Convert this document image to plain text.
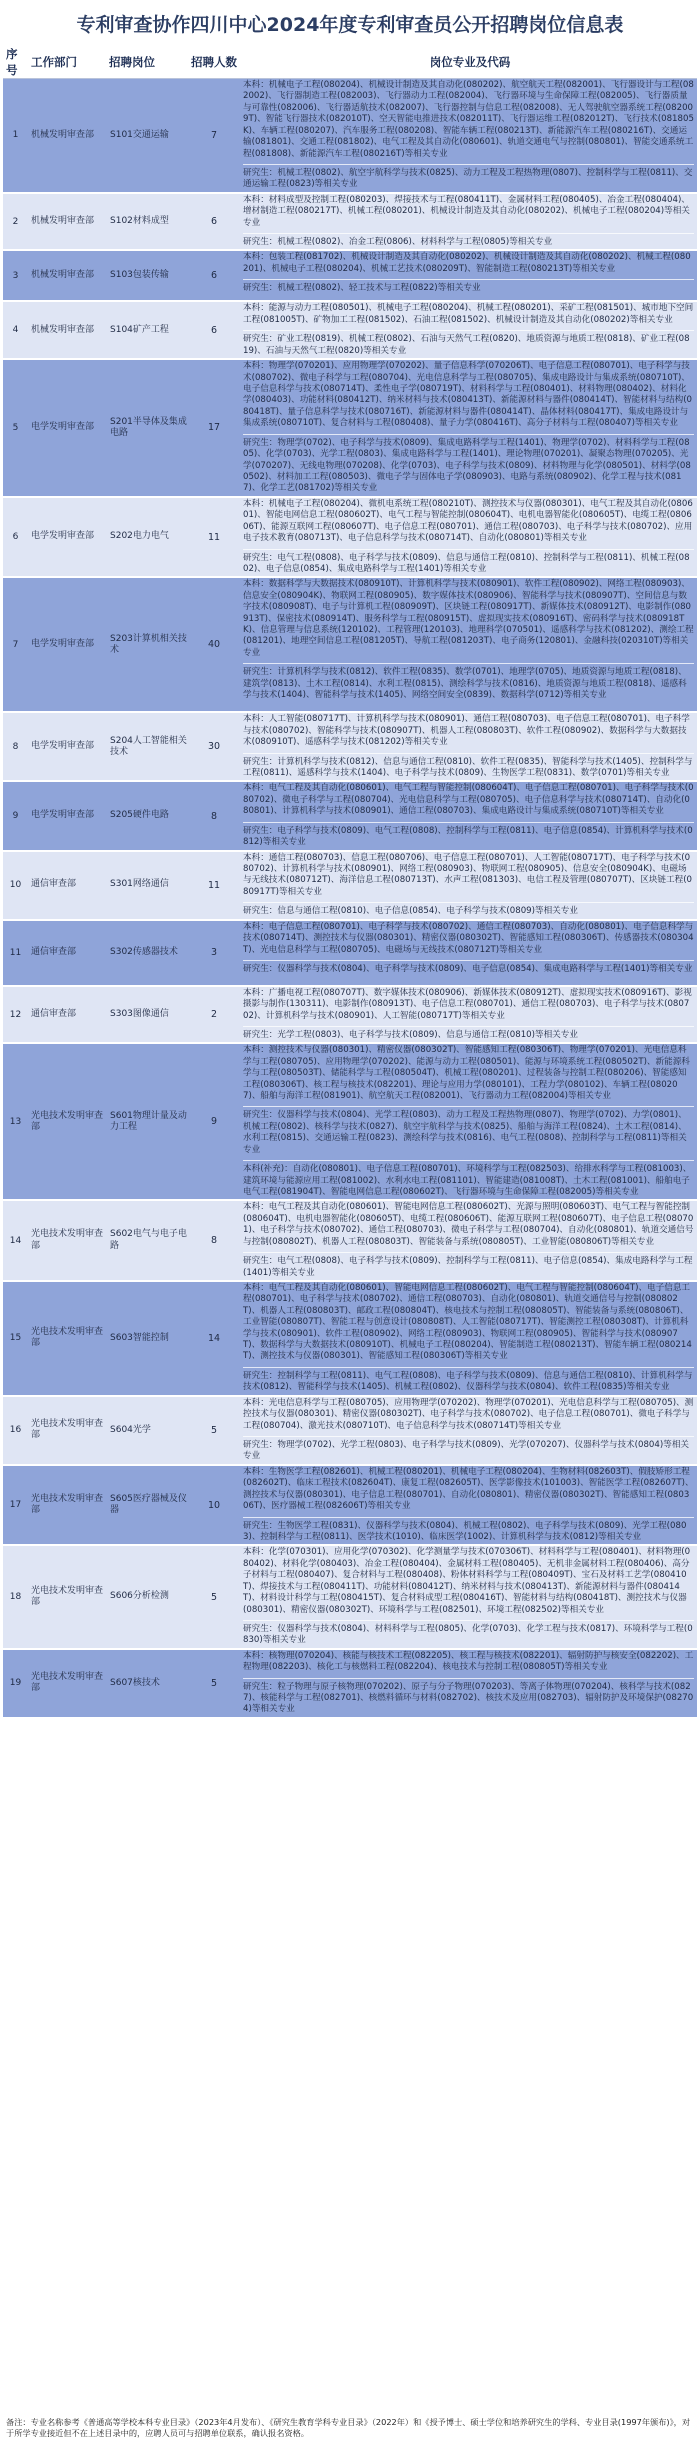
专利审查协作四川中心2024年度专利审查员公开招聘岗位信息表
序号	工作部门	招聘岗位	招聘人数	岗位专业及代码
1	机械发明审查部	S101交通运输	7	本科：机械电子工程(080204)、机械设计制造及其自动化(080202)、航空航天工程(082001)、飞行器设计与工程(082002)、飞行器制造工程(082003)、飞行器动力工程(082004)、飞行器环境与生命保障工程(082005)、飞行器质量与可靠性(082006)、飞行器适航技术(082007)、飞行器控制与信息工程(082008)、无人驾驶航空器系统工程(082009T)、智能飞行器技术(082010T)、空天智能电推进技术(082011T)、飞行器运维工程(082012T)、飞行技术(081805K)、车辆工程(080207)、汽车服务工程(080208)、智能车辆工程(080213T)、新能源汽车工程(080216T)、交通运输(081801)、交通工程(081802)、电气工程及其自动化(080601)、轨道交通电气与控制(080801)、智能交通系统工程(081808)、新能源汽车工程(080216T)等相关专业
研究生：机械工程(0802)、航空宇航科学与技术(0825)、动力工程及工程热物理(0807)、控制科学与工程(0811)、交通运输工程(0823)等相关专业

2	机械发明审查部	S102材料成型	6	本科：材料成型及控制工程(080203)、焊接技术与工程(080411T)、金属材料工程(080405)、冶金工程(080404)、增材制造工程(080217T)、机械工程(080201)、机械设计制造及其自动化(080202)、机械电子工程(080204)等相关专业
研究生：机械工程(0802)、冶金工程(0806)、材料科学与工程(0805)等相关专业

3	机械发明审查部	S103包装传输	6	本科：包装工程(081702)、机械设计制造及其自动化(080202)、机械设计制造及其自动化(080202)、机械工程(080201)、机械电子工程(080204)、机械工艺技术(080209T)、智能制造工程(080213T)等相关专业
研究生：机械工程(0802)、轻工技术与工程(0822)等相关专业

4	机械发明审查部	S104矿产工程	6	本科：能源与动力工程(080501)、机械电子工程(080204)、机械工程(080201)、采矿工程(081501)、城市地下空间工程(081005T)、矿物加工工程(081502)、石油工程(081502)、机械设计制造及其自动化(080202)等相关专业
研究生：矿业工程(0819)、机械工程(0802)、石油与天然气工程(0820)、地质资源与地质工程(0818)、矿业工程(0819)、石油与天然气工程(0820)等相关专业

5	电学发明审查部	S201半导体及集成电路	17	本科：物理学(070201)、应用物理学(070202)、量子信息科学(070206T)、电子信息工程(080701)、电子科学与技术(080702)、微电子科学与工程(080704)、光电信息科学与工程(080705)、集成电路设计与集成系统(080710T)、电子信息科学与技术(080714T)、柔性电子学(080719T)、材料科学与工程(080401)、材料物理(080402)、材料化学(080403)、功能材料(080412T)、纳米材料与技术(080413T)、新能源材料与器件(080414T)、智能材料与结构(080418T)、量子信息科学与技术(080716T)、新能源材料与器件(080414T)、晶体材料(080417T)、集成电路设计与集成系统(080710T)、复合材料与工程(080408)、量子力学(080416T)、高分子材料与工程(080407)等相关专业
研究生：物理学(0702)、电子科学与技术(0809)、集成电路科学与工程(1401)、物理学(0702)、材料科学与工程(0805)、化学(0703)、光学工程(0803)、集成电路科学与工程(1401)、理论物理(070201)、凝聚态物理(070205)、光学(070207)、无线电物理(070208)、化学(0703)、电子科学与技术(0809)、材料物理与化学(080501)、材料学(080502)、材料加工工程(080503)、微电子学与固体电子学(080903)、电路与系统(080902)、化学工程与技术(0817)、化学工艺(081702)等相关专业

6	电学发明审查部	S202电力电气	11	本科：机械电子工程(080204)、微机电系统工程(080210T)、测控技术与仪器(080301)、电气工程及其自动化(080601)、智能电网信息工程(080602T)、电气工程与智能控制(080604T)、电机电器智能化(080605T)、电缆工程(080606T)、能源互联网工程(080607T)、电子信息工程(080701)、通信工程(080703)、电子科学与技术(080702)、应用电子技术教育(080713T)、电子信息科学与技术(080714T)、自动化(080801)等相关专业
研究生：电气工程(0808)、电子科学与技术(0809)、信息与通信工程(0810)、控制科学与工程(0811)、机械工程(0802)、电子信息(0854)、集成电路科学与工程(1401)等相关专业

7	电学发明审查部	S203计算机相关技术	40	本科：数据科学与大数据技术(080910T)、计算机科学与技术(080901)、软件工程(080902)、网络工程(080903)、信息安全(080904K)、物联网工程(080905)、数字媒体技术(080906)、智能科学与技术(080907T)、空间信息与数字技术(080908T)、电子与计算机工程(080909T)、区块链工程(080917T)、新媒体技术(080912T)、电影制作(080913T)、保密技术(080914T)、服务科学与工程(080915T)、虚拟现实技术(080916T)、密码科学与技术(080918TK)、信息管理与信息系统(120102)、工程管理(120103)、地理科学(070501)、遥感科学与技术(081202)、测绘工程(081201)、地理空间信息工程(081205T)、导航工程(081203T)、电子商务(120801)、金融科技(020310T)等相关专业
研究生：计算机科学与技术(0812)、软件工程(0835)、数学(0701)、地理学(0705)、地质资源与地质工程(0818)、建筑学(0813)、土木工程(0814)、水利工程(0815)、测绘科学与技术(0816)、地质资源与地质工程(0818)、遥感科学与技术(1404)、智能科学与技术(1405)、网络空间安全(0839)、数据科学(0712)等相关专业

8	电学发明审查部	S204人工智能相关技术	30	本科：人工智能(080717T)、计算机科学与技术(080901)、通信工程(080703)、电子信息工程(080701)、电子科学与技术(080702)、智能科学与技术(080907T)、机器人工程(080803T)、软件工程(080902)、数据科学与大数据技术(080910T)、遥感科学与技术(081202)等相关专业
研究生：计算机科学与技术(0812)、信息与通信工程(0810)、软件工程(0835)、智能科学与技术(1405)、控制科学与工程(0811)、遥感科学与技术(1404)、电子科学与技术(0809)、生物医学工程(0831)、数学(0701)等相关专业

9	电学发明审查部	S205硬件电路	8	本科：电气工程及其自动化(080601)、电气工程与智能控制(080604T)、电子信息工程(080701)、电子科学与技术(080702)、微电子科学与工程(080704)、光电信息科学与工程(080705)、电子信息科学与技术(080714T)、自动化(080801)、计算机科学与技术(080901)、通信工程(080703)、集成电路设计与集成系统(080710T)等相关专业
研究生：电子科学与技术(0809)、电气工程(0808)、控制科学与工程(0811)、电子信息(0854)、计算机科学与技术(0812)等相关专业

10	通信审查部	S301网络通信	11	本科：通信工程(080703)、信息工程(080706)、电子信息工程(080701)、人工智能(080717T)、电子科学与技术(080702)、计算机科学与技术(080901)、网络工程(080903)、物联网工程(080905)、信息安全(080904K)、电磁场与无线技术(080712T)、海洋信息工程(080713T)、水声工程(081303)、电信工程及管理(080707T)、区块链工程(080917T)等相关专业
研究生：信息与通信工程(0810)、电子信息(0854)、电子科学与技术(0809)等相关专业

11	通信审查部	S302传感器技术	3	本科：电子信息工程(080701)、电子科学与技术(080702)、通信工程(080703)、自动化(080801)、电子信息科学与技术(080714T)、测控技术与仪器(080301)、精密仪器(080302T)、智能感知工程(080306T)、传感器技术(080304T)、光电信息科学与工程(080705)、电磁场与无线技术(080712T)等相关专业
研究生：仪器科学与技术(0804)、电子科学与技术(0809)、电子信息(0854)、集成电路科学与工程(1401)等相关专业

12	通信审查部	S303图像通信	2	本科：广播电视工程(080707T)、数字媒体技术(080906)、新媒体技术(080912T)、虚拟现实技术(080916T)、影视摄影与制作(130311)、电影制作(080913T)、电子信息工程(080701)、通信工程(080703)、电子科学与技术(080702)、计算机科学与技术(080901)、人工智能(080717T)等相关专业
研究生：光学工程(0803)、电子科学与技术(0809)、信息与通信工程(0810)等相关专业

13	光电技术发明审查部	S601物理计量及动力工程	9	本科：测控技术与仪器(080301)、精密仪器(080302T)、智能感知工程(080306T)、物理学(070201)、光电信息科学与工程(080705)、应用物理学(070202)、能源与动力工程(080501)、能源与环境系统工程(080502T)、新能源科学与工程(080503T)、储能科学与工程(080504T)、机械工程(080201)、过程装备与控制工程(080206)、智能感知工程(080306T)、核工程与核技术(082201)、理论与应用力学(080101)、工程力学(080102)、车辆工程(080207)、船舶与海洋工程(081901)、航空航天工程(082001)、飞行器动力工程(082004)等相关专业
研究生：仪器科学与技术(0804)、光学工程(0803)、动力工程及工程热物理(0807)、物理学(0702)、力学(0801)、机械工程(0802)、核科学与技术(0827)、航空宇航科学与技术(0825)、船舶与海洋工程(0824)、土木工程(0814)、水利工程(0815)、交通运输工程(0823)、测绘科学与技术(0816)、电气工程(0808)、控制科学与工程(0811)等相关专业
本科(补充)：自动化(080801)、电子信息工程(080701)、环境科学与工程(082503)、给排水科学与工程(081003)、建筑环境与能源应用工程(081002)、水利水电工程(081101)、智能建造(081008T)、土木工程(081001)、船舶电子电气工程(081904T)、智能电网信息工程(080602T)、飞行器环境与生命保障工程(082005)等相关专业

14	光电技术发明审查部	S602电气与电子电路	8	本科：电气工程及其自动化(080601)、智能电网信息工程(080602T)、光源与照明(080603T)、电气工程与智能控制(080604T)、电机电器智能化(080605T)、电缆工程(080606T)、能源互联网工程(080607T)、电子信息工程(080701)、电子科学与技术(080702)、通信工程(080703)、微电子科学与工程(080704)、自动化(080801)、轨道交通信号与控制(080802T)、机器人工程(080803T)、智能装备与系统(080805T)、工业智能(080806T)等相关专业
研究生：电气工程(0808)、电子科学与技术(0809)、控制科学与工程(0811)、电子信息(0854)、集成电路科学与工程(1401)等相关专业

15	光电技术发明审查部	S603智能控制	14	本科：电气工程及其自动化(080601)、智能电网信息工程(080602T)、电气工程与智能控制(080604T)、电子信息工程(080701)、电子科学与技术(080702)、通信工程(080703)、自动化(080801)、轨道交通信号与控制(080802T)、机器人工程(080803T)、邮政工程(080804T)、核电技术与控制工程(080805T)、智能装备与系统(080806T)、工业智能(080807T)、智能工程与创意设计(080808T)、人工智能(080717T)、智能测控工程(080308T)、计算机科学与技术(080901)、软件工程(080902)、网络工程(080903)、物联网工程(080905)、智能科学与技术(080907T)、数据科学与大数据技术(080910T)、机械电子工程(080204)、智能制造工程(080213T)、智能车辆工程(080214T)、测控技术与仪器(080301)、智能感知工程(080306T)等相关专业
研究生：控制科学与工程(0811)、电气工程(0808)、电子科学与技术(0809)、信息与通信工程(0810)、计算机科学与技术(0812)、智能科学与技术(1405)、机械工程(0802)、仪器科学与技术(0804)、软件工程(0835)等相关专业

16	光电技术发明审查部	S604光学	5	本科：光电信息科学与工程(080705)、应用物理学(070202)、物理学(070201)、光电信息科学与工程(080705)、测控技术与仪器(080301)、精密仪器(080302T)、电子科学与技术(080702)、电子信息工程(080701)、微电子科学与工程(080704)、激光技术(080710T)、电子信息科学与技术(080714T)等相关专业
研究生：物理学(0702)、光学工程(0803)、电子科学与技术(0809)、光学(070207)、仪器科学与技术(0804)等相关专业

17	光电技术发明审查部	S605医疗器械及仪器	10	本科：生物医学工程(082601)、机械工程(080201)、机械电子工程(080204)、生物材料(082603T)、假肢矫形工程(082602T)、临床工程技术(082604T)、康复工程(082605T)、医学影像技术(101003)、智能医学工程(082607T)、测控技术与仪器(080301)、电子信息工程(080701)、自动化(080801)、精密仪器(080302T)、智能感知工程(080306T)、医疗器械工程(082606T)等相关专业
研究生：生物医学工程(0831)、仪器科学与技术(0804)、机械工程(0802)、电子科学与技术(0809)、光学工程(0803)、控制科学与工程(0811)、医学技术(1010)、临床医学(1002)、计算机科学与技术(0812)等相关专业

18	光电技术发明审查部	S606分析检测	5	本科：化学(070301)、应用化学(070302)、化学测量学与技术(070306T)、材料科学与工程(080401)、材料物理(080402)、材料化学(080403)、冶金工程(080404)、金属材料工程(080405)、无机非金属材料工程(080406)、高分子材料与工程(080407)、复合材料与工程(080408)、粉体材料科学与工程(080409T)、宝石及材料工艺学(080410T)、焊接技术与工程(080411T)、功能材料(080412T)、纳米材料与技术(080413T)、新能源材料与器件(080414T)、材料设计科学与工程(080415T)、复合材料成型工程(080416T)、智能材料与结构(080418T)、测控技术与仪器(080301)、精密仪器(080302T)、环境科学与工程(082501)、环境工程(082502)等相关专业
研究生：仪器科学与技术(0804)、材料科学与工程(0805)、化学(0703)、化学工程与技术(0817)、环境科学与工程(0830)等相关专业

19	光电技术发明审查部	S607核技术	5	本科：核物理(070204)、核能与核技术工程(082205)、核工程与核技术(082201)、辐射防护与核安全(082202)、工程物理(082203)、核化工与核燃料工程(082204)、核电技术与控制工程(080805T)等相关专业
研究生：粒子物理与原子核物理(070202)、原子与分子物理(070203)、等离子体物理(070204)、核科学与技术(0827)、核能科学与工程(082701)、核燃料循环与材料(082702)、核技术及应用(082703)、辐射防护及环境保护(082704)等相关专业
备注：专业名称参考《普通高等学校本科专业目录》（2023年4月发布）、《研究生教育学科专业目录》（2022年）和《授予博士、硕士学位和培养研究生的学科、专业目录(1997年颁布)》，对于所学专业接近但不在上述目录中的，应聘人员可与招聘单位联系，确认报名资格。
